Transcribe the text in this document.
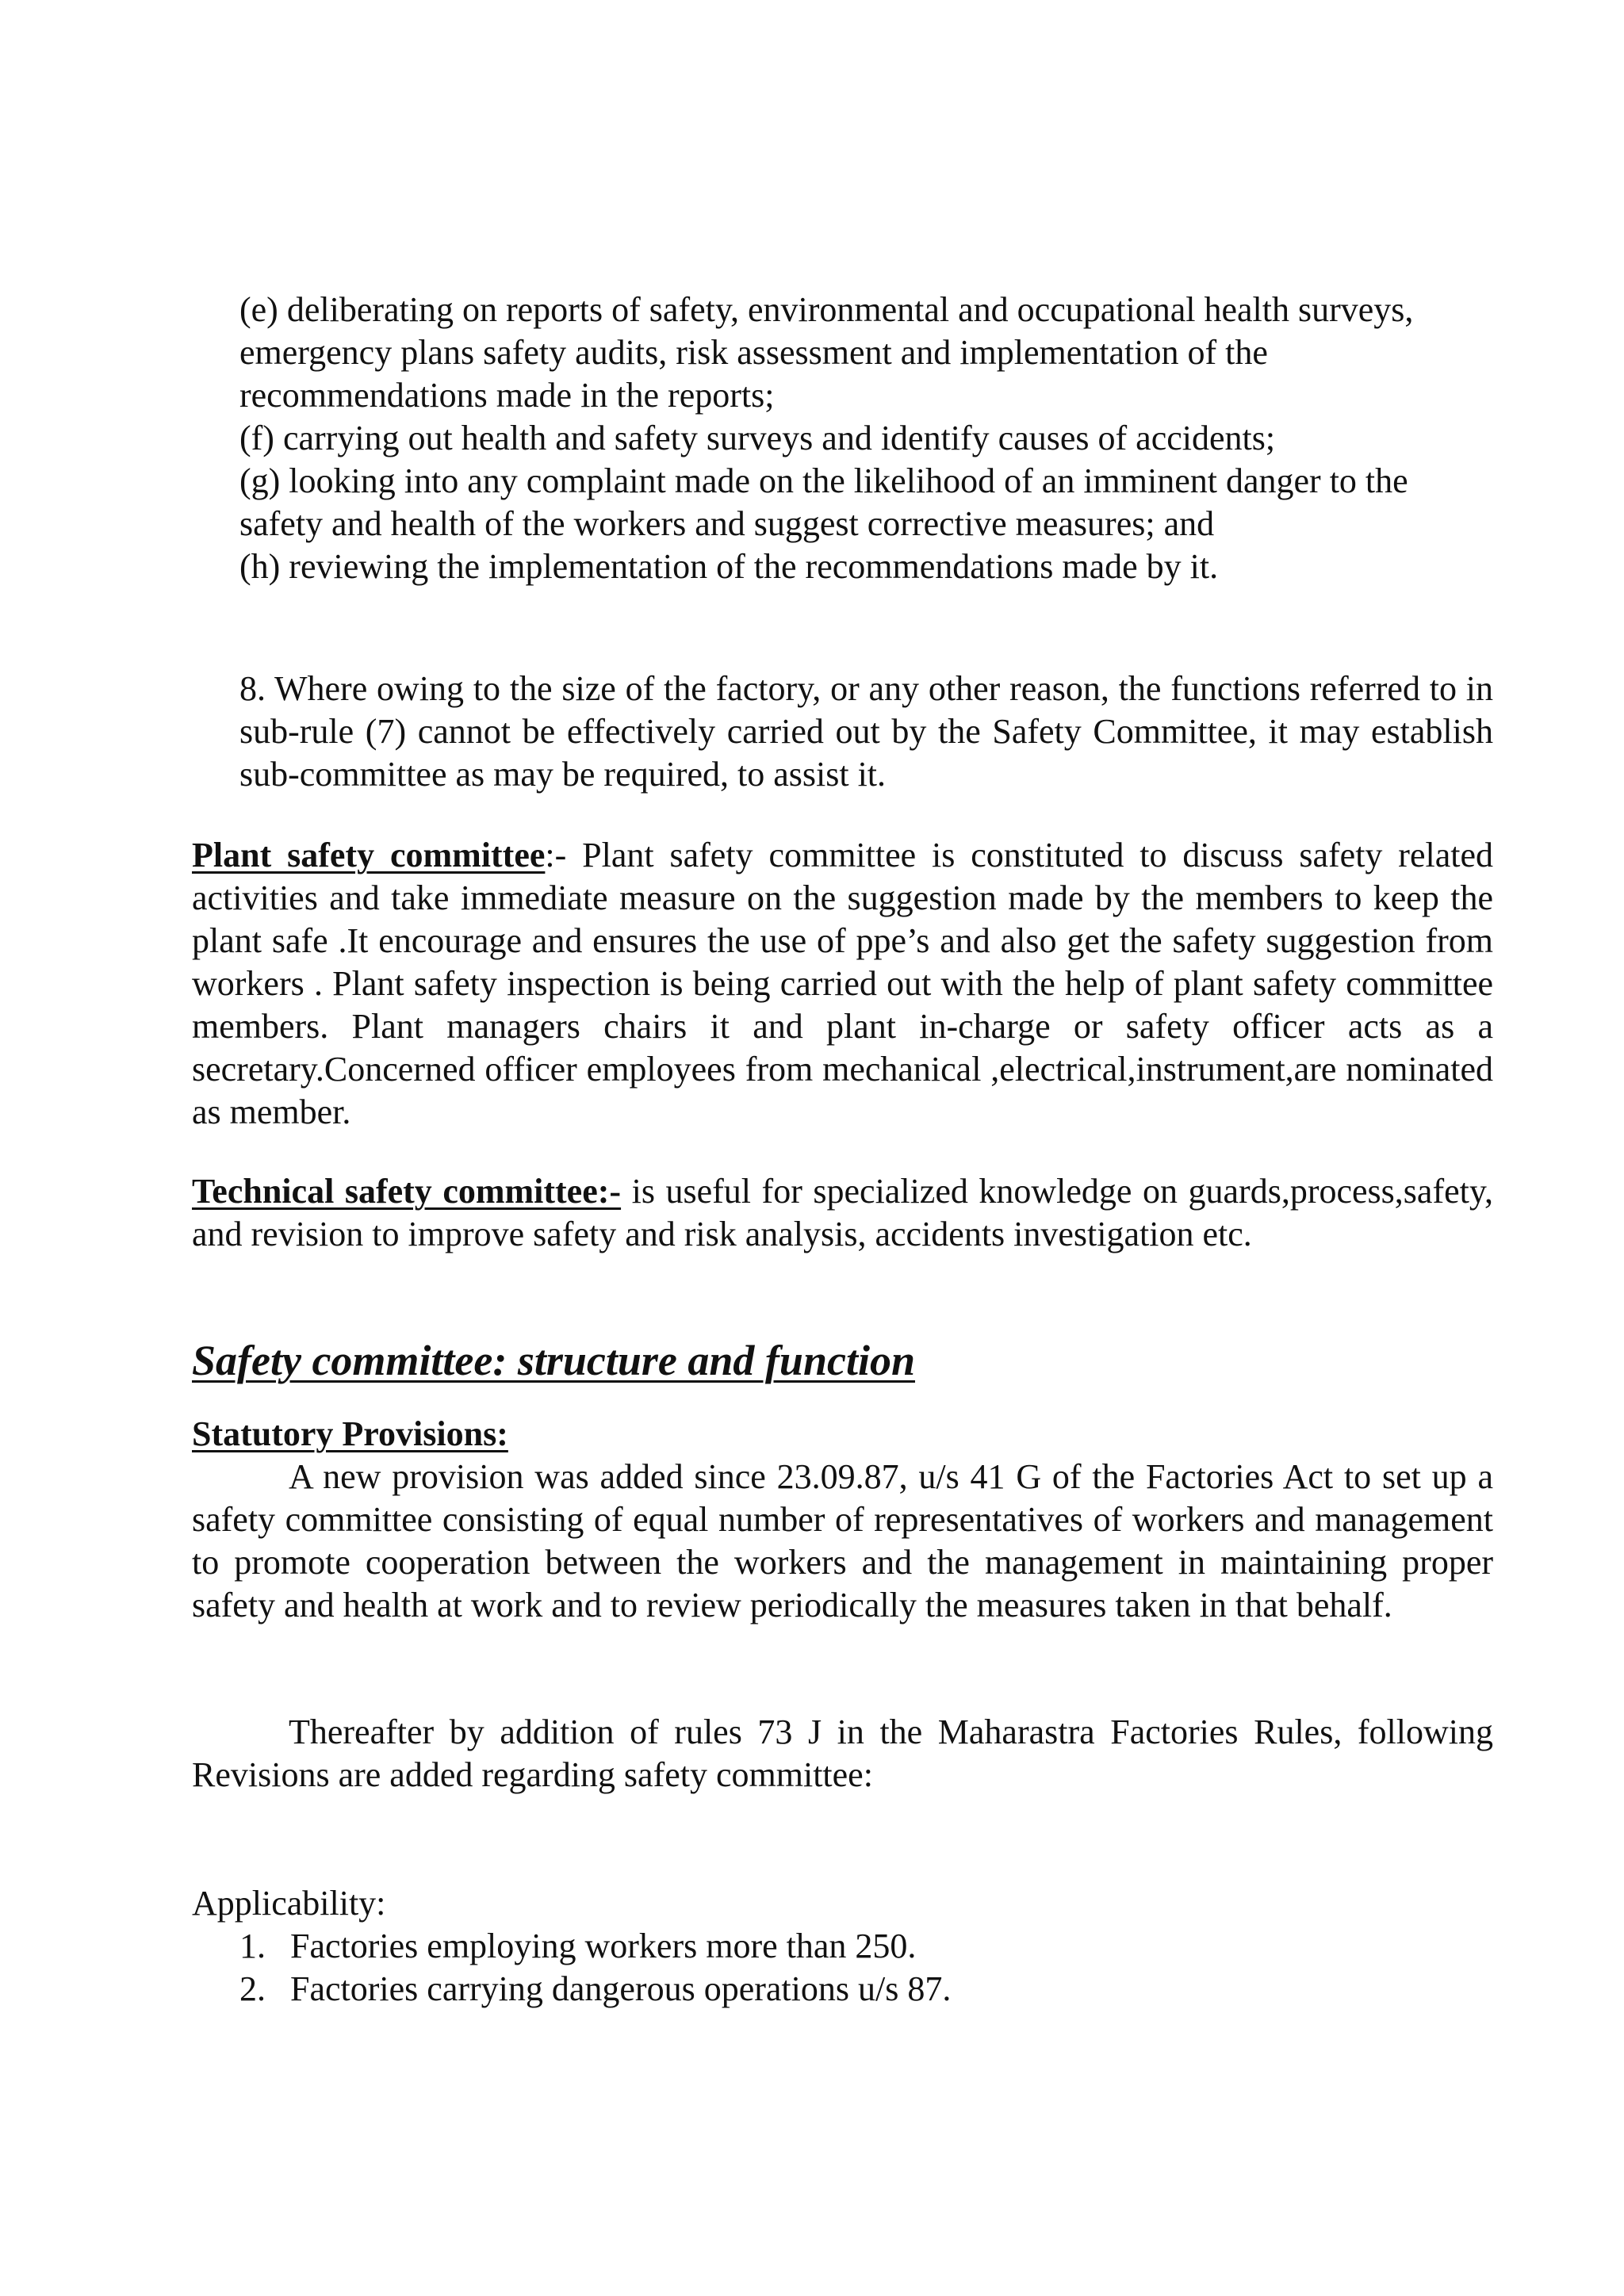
(e) deliberating on reports of safety, environmental and occupational health surveys,
emergency plans safety audits, risk assessment and implementation of the
recommendations made in the reports;
(f) carrying out health and safety surveys and identify causes of accidents;
(g) looking into any complaint made on the likelihood of an imminent danger to the
safety and health of the workers and suggest corrective measures; and
(h) reviewing the implementation of the recommendations made by it.
8. Where owing to the size of the factory, or any other reason, the functions referred to in sub-rule (7) cannot be effectively carried out by the Safety Committee, it may establish sub-committee as may be required, to assist it.
Plant safety committee:- Plant safety committee is constituted to discuss safety related activities and take immediate measure on the suggestion made by the members to keep the plant safe .It encourage and ensures the use of ppe’s and also get the safety suggestion from workers . Plant safety inspection is being carried out with the help of plant safety committee members. Plant managers chairs it and plant in-charge or safety officer acts as a secretary.Concerned officer employees from mechanical ,electrical,instrument,are nominated as member.
Technical safety committee:- is useful for specialized knowledge on guards,process,safety, and revision to improve safety and risk analysis, accidents investigation etc.
Safety committee: structure and function
Statutory Provisions:
A new provision was added since 23.09.87, u/s 41 G of the Factories Act to set up a safety committee consisting of equal number of representatives of workers and management to promote cooperation between the workers and the management in maintaining proper safety and health at work and to review periodically the measures taken in that behalf.
Thereafter by addition of rules 73 J in the Maharastra Factories Rules, following Revisions are added regarding safety committee:
Applicability:
1. Factories employing workers more than 250.
2. Factories carrying dangerous operations u/s 87.
